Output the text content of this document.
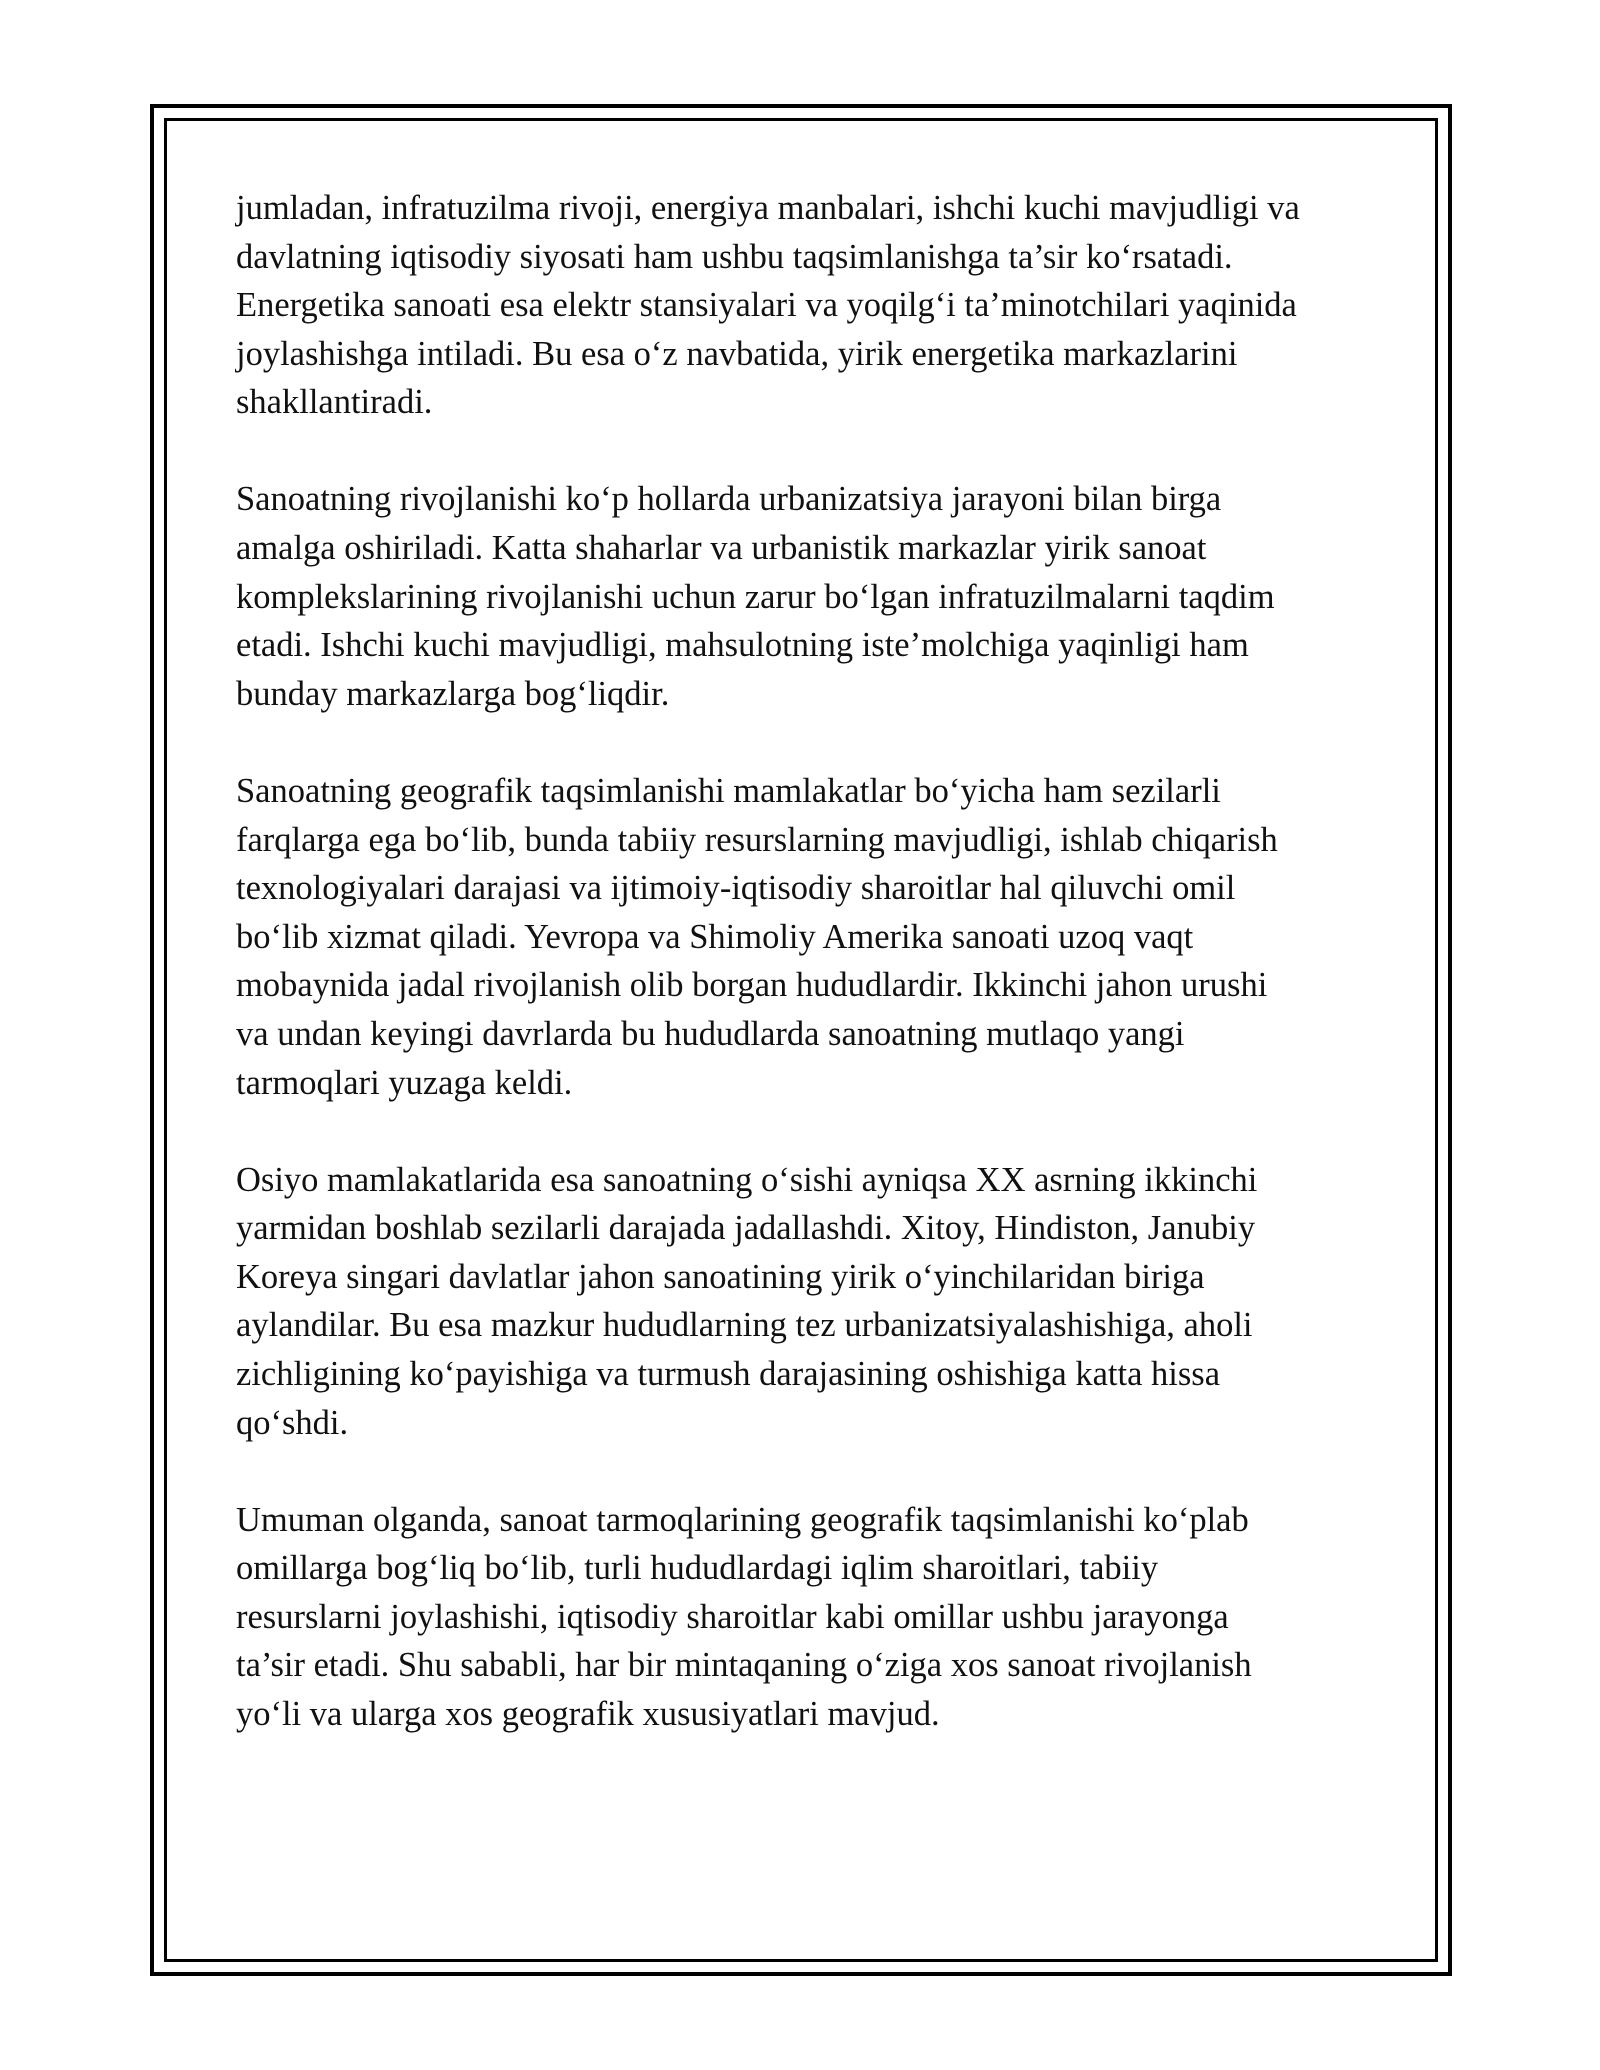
jumladan, infratuzilma rivoji, energiya manbalari, ishchi kuchi mavjudligi va
davlatning iqtisodiy siyosati ham ushbu taqsimlanishga ta’sir ko‘rsatadi.
Energetika sanoati esa elektr stansiyalari va yoqilg‘i ta’minotchilari yaqinida
joylashishga intiladi. Bu esa o‘z navbatida, yirik energetika markazlarini
shakllantiradi.

Sanoatning rivojlanishi ko‘p hollarda urbanizatsiya jarayoni bilan birga
amalga oshiriladi. Katta shaharlar va urbanistik markazlar yirik sanoat
komplekslarining rivojlanishi uchun zarur bo‘lgan infratuzilmalarni taqdim
etadi. Ishchi kuchi mavjudligi, mahsulotning iste’molchiga yaqinligi ham
bunday markazlarga bog‘liqdir.

Sanoatning geografik taqsimlanishi mamlakatlar bo‘yicha ham sezilarli
farqlarga ega bo‘lib, bunda tabiiy resurslarning mavjudligi, ishlab chiqarish
texnologiyalari darajasi va ijtimoiy-iqtisodiy sharoitlar hal qiluvchi omil
bo‘lib xizmat qiladi. Yevropa va Shimoliy Amerika sanoati uzoq vaqt
mobaynida jadal rivojlanish olib borgan hududlardir. Ikkinchi jahon urushi
va undan keyingi davrlarda bu hududlarda sanoatning mutlaqo yangi
tarmoqlari yuzaga keldi.

Osiyo mamlakatlarida esa sanoatning o‘sishi ayniqsa XX asrning ikkinchi
yarmidan boshlab sezilarli darajada jadallashdi. Xitoy, Hindiston, Janubiy
Koreya singari davlatlar jahon sanoatining yirik o‘yinchilaridan biriga
aylandilar. Bu esa mazkur hududlarning tez urbanizatsiyalashishiga, aholi
zichligining ko‘payishiga va turmush darajasining oshishiga katta hissa
qo‘shdi.

Umuman olganda, sanoat tarmoqlarining geografik taqsimlanishi ko‘plab
omillarga bog‘liq bo‘lib, turli hududlardagi iqlim sharoitlari, tabiiy
resurslarni joylashishi, iqtisodiy sharoitlar kabi omillar ushbu jarayonga
ta’sir etadi. Shu sababli, har bir mintaqaning o‘ziga xos sanoat rivojlanish
yo‘li va ularga xos geografik xususiyatlari mavjud.
